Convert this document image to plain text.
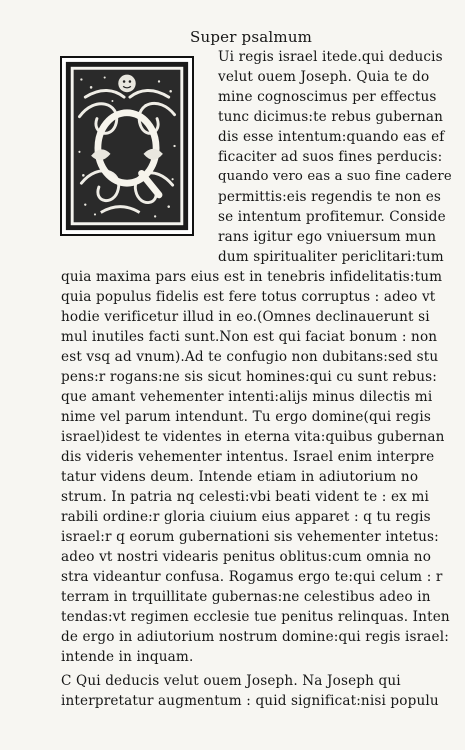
Super psalmum
Ui regis israel itede.qui deducis
velut ouem Joseph. Quia te do
mine cognoscimus per effectus
tunc dicimus:te rebus gubernan
dis esse intentum:quando eas ef
ficaciter ad suos fines perducis:
quando vero eas a suo fine cadere
permittis:eis regendis te non es
se intentum profitemur. Conside
rans igitur ego vniuersum mun
dum spiritualiter periclitari:tum
quia maxima pars eius est in tenebris infidelitatis:tum
quia populus fidelis est fere totus corruptus : adeo vt
hodie verificetur illud in eo.(Omnes declinauerunt si
mul inutiles facti sunt.Non est qui faciat bonum : non
est vsq ad vnum).Ad te confugio non dubitans:sed stu
pens:r rogans:ne sis sicut homines:qui cu sunt rebus:
que amant vehementer intenti:alijs minus dilectis mi
nime vel parum intendunt. Tu ergo domine(qui regis
israel)idest te videntes in eterna vita:quibus gubernan
dis videris vehementer intentus. Israel enim interpre
tatur videns deum. Intende etiam in adiutorium no
strum. In patria nq celesti:vbi beati vident te : ex mi
rabili ordine:r gloria ciuium eius apparet : q tu regis
israel:r q eorum gubernationi sis vehementer intetus:
adeo vt nostri videaris penitus oblitus:cum omnia no
stra videantur confusa. Rogamus ergo te:qui celum : r
terram in trquillitate gubernas:ne celestibus adeo in
tendas:vt regimen ecclesie tue penitus relinquas. Inten
de ergo in adiutorium nostrum domine:qui regis israel:
intende in inquam.
C Qui deducis velut ouem Joseph. Na Joseph qui
interpretatur augmentum : quid significat:nisi populu
